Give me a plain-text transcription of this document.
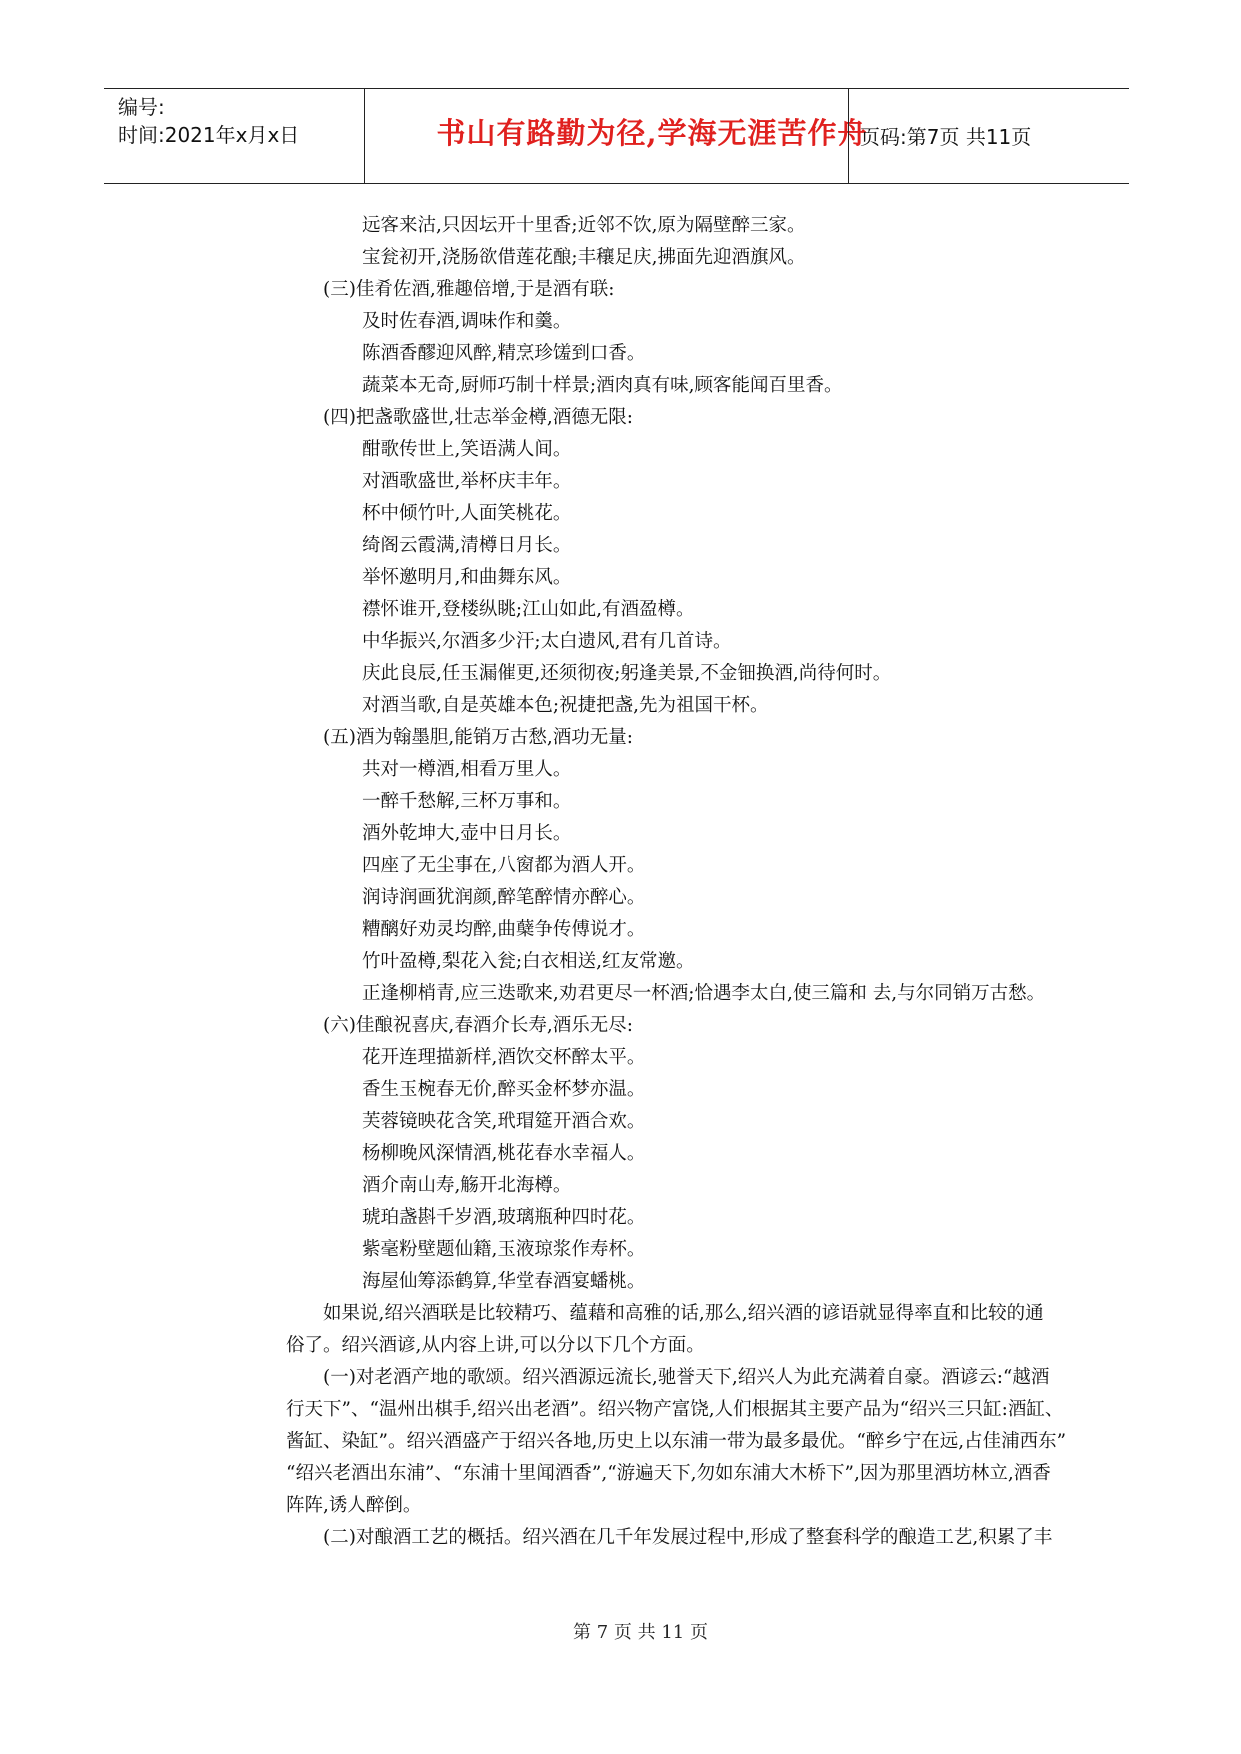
编号:
时间:2021年x月x日	书山有路勤为径,学海无涯苦作舟
页码:第7页 共11页
远客来沽,只因坛开十里香;近邻不饮,原为隔壁醉三家。
宝瓮初开,浇肠欲借莲花酿;丰穰足庆,拂面先迎酒旗风。
(三)佳肴佐酒,雅趣倍增,于是酒有联:
及时佐春酒,调味作和羹。
陈酒香醪迎风醉,精烹珍馐到口香。
蔬菜本无奇,厨师巧制十样景;酒肉真有味,顾客能闻百里香。
(四)把盏歌盛世,壮志举金樽,酒德无限:
酣歌传世上,笑语满人间。
对酒歌盛世,举杯庆丰年。
杯中倾竹叶,人面笑桃花。
绮阁云霞满,清樽日月长。
举怀邀明月,和曲舞东风。
襟怀谁开,登楼纵眺;江山如此,有酒盈樽。
中华振兴,尔酒多少汗;太白遗风,君有几首诗。
庆此良辰,任玉漏催更,还须彻夜;躬逢美景,不金钿换酒,尚待何时。
对酒当歌,自是英雄本色;祝捷把盏,先为祖国干杯。
(五)酒为翰墨胆,能销万古愁,酒功无量:
共对一樽酒,相看万里人。
一醉千愁解,三杯万事和。
酒外乾坤大,壶中日月长。
四座了无尘事在,八窗都为酒人开。
润诗润画犹润颜,醉笔醉情亦醉心。
糟醨好劝灵均醉,曲蘖争传傅说才。
竹叶盈樽,梨花入瓮;白衣相送,红友常邀。
正逢柳梢青,应三迭歌来,劝君更尽一杯酒;恰遇李太白,使三篇和 去,与尔同销万古愁。
(六)佳酿祝喜庆,春酒介长寿,酒乐无尽:
花开连理描新样,酒饮交杯醉太平。
香生玉椀春无价,醉买金杯梦亦温。
芙蓉镜映花含笑,玳瑁筵开酒合欢。
杨柳晚风深情酒,桃花春水幸福人。
酒介南山寿,觞开北海樽。
琥珀盏斟千岁酒,玻璃瓶种四时花。
紫毫粉壁题仙籍,玉液琼浆作寿杯。
海屋仙筹添鹤算,华堂春酒宴蟠桃。
如果说,绍兴酒联是比较精巧、蕴藉和高雅的话,那么,绍兴酒的谚语就显得率直和比较的通
俗了。绍兴酒谚,从内容上讲,可以分以下几个方面。
(一)对老酒产地的歌颂。绍兴酒源远流长,驰誉天下,绍兴人为此充满着自豪。酒谚云:“越酒
行天下”、“温州出棋手,绍兴出老酒”。绍兴物产富饶,人们根据其主要产品为“绍兴三只缸:酒缸、
酱缸、染缸”。绍兴酒盛产于绍兴各地,历史上以东浦一带为最多最优。“醉乡宁在远,占佳浦西东”
“绍兴老酒出东浦”、“东浦十里闻酒香”,“游遍天下,勿如东浦大木桥下”,因为那里酒坊林立,酒香
阵阵,诱人醉倒。
(二)对酿酒工艺的概括。绍兴酒在几千年发展过程中,形成了整套科学的酿造工艺,积累了丰
第 7 页 共 11 页
